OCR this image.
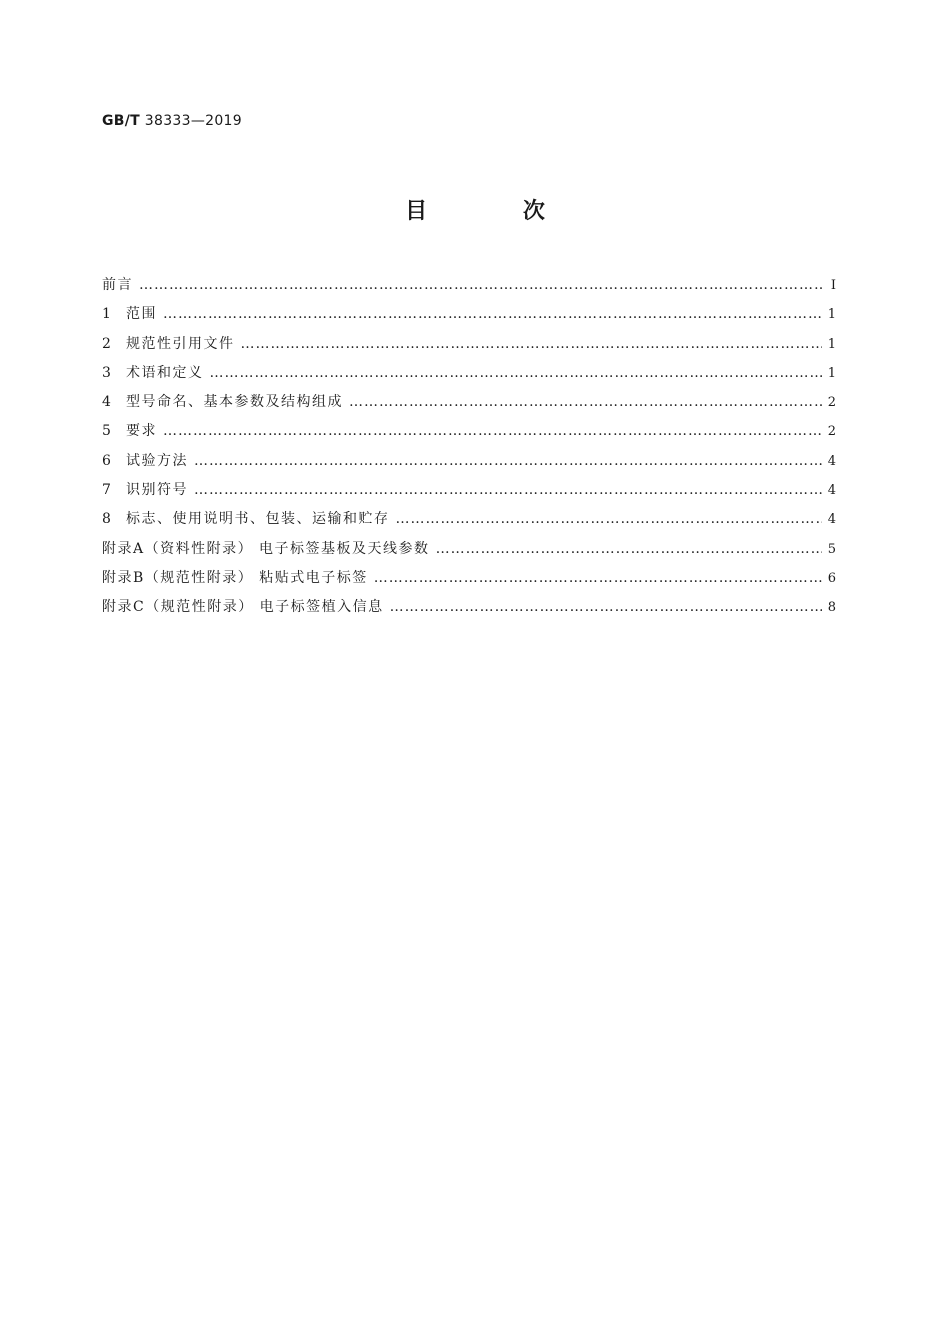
GB/T 38333—2019
目 次
前言 …………………………………………………………………………………………………………………………………………………………………………………………………………………………	Ⅰ
1	范围 …………………………………………………………………………………………………………………………………………………………………………………………………………………………	1
2	规范性引用文件 …………………………………………………………………………………………………………………………………………………………………………………………………………………………	1
3	术语和定义 …………………………………………………………………………………………………………………………………………………………………………………………………………………………	1
4	型号命名、基本参数及结构组成 …………………………………………………………………………………………………………………………………………………………………………………………………………………………	2
5	要求 …………………………………………………………………………………………………………………………………………………………………………………………………………………………	2
6	试验方法 …………………………………………………………………………………………………………………………………………………………………………………………………………………………	4
7	识别符号 …………………………………………………………………………………………………………………………………………………………………………………………………………………………	4
8	标志、使用说明书、包装、运输和贮存 …………………………………………………………………………………………………………………………………………………………………………………………………………………………	4
附录A（资料性附录） 电子标签基板及天线参数 …………………………………………………………………………………………………………………………………………………………………………………………………………………………	5
附录B（规范性附录） 粘贴式电子标签 …………………………………………………………………………………………………………………………………………………………………………………………………………………………	6
附录C（规范性附录） 电子标签植入信息 …………………………………………………………………………………………………………………………………………………………………………………………………………………………	8
